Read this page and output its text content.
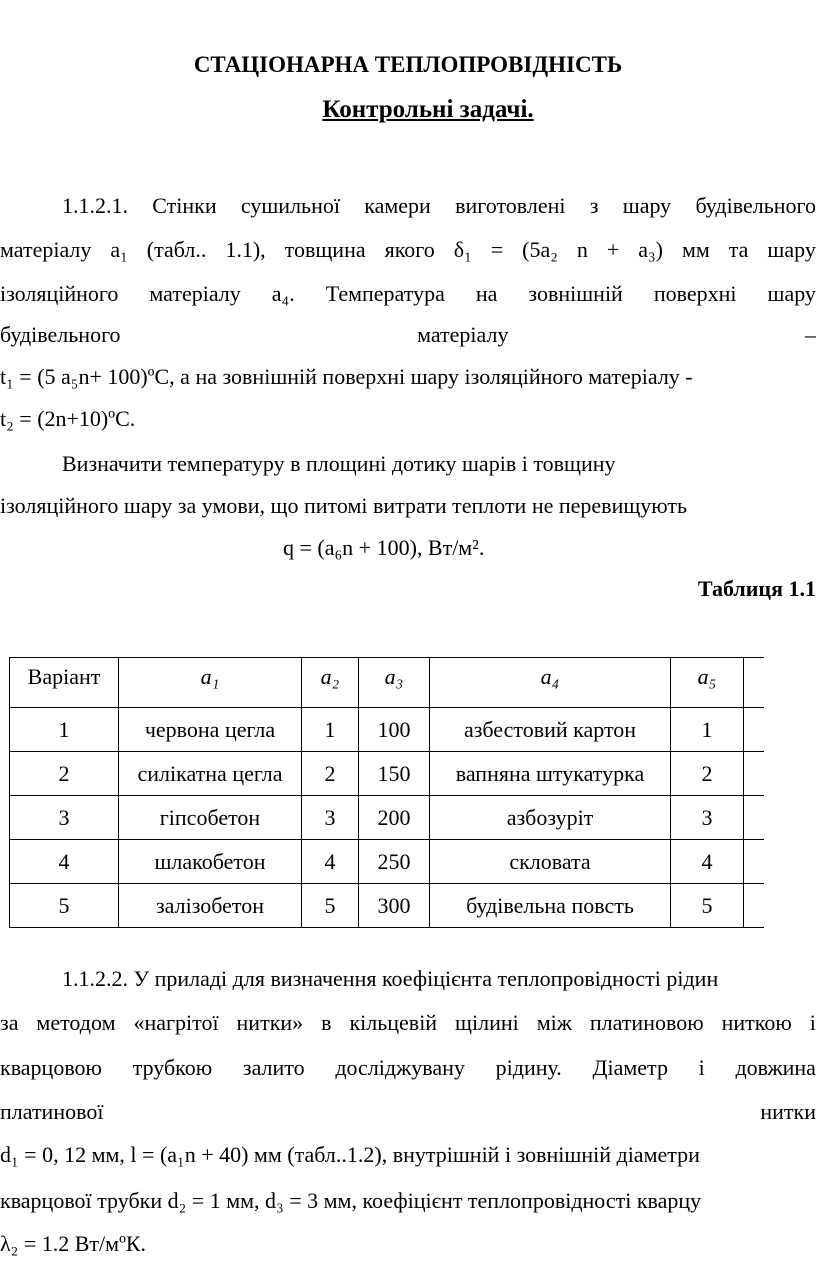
СТАЦІОНАРНА ТЕПЛОПРОВІДНІСТЬ
Контрольні задачі.
1.1.2.1. Стінки сушильної камери виготовлені з шару будівельного
матеріалу a₁ (табл.. 1.1), товщина якого δ₁ = (5a₂ n + a₃) мм та шару
ізоляційного матеріалу a₄. Температура на зовнішній поверхні шару
будівельного	матеріалу	–
t₁ = (5 a₅n+ 100)ºС, а на зовнішній поверхні шару ізоляційного матеріалу -
t₂ = (2n+10)ºС.
Визначити температуру в площині дотику шарів і товщину
ізоляційного шару за умови, що питомі витрати теплоти не перевищують
q = (a₆n + 100), Вт/м².
Таблиця 1.1
Варіант	a₁	a₂	a₃	a₄	a₅	
1	червона цегла	1	100	азбестовий картон	1	
2	силікатна цегла	2	150	вапняна штукатурка	2	
3	гіпсобетон	3	200	азбозуріт	3	
4	шлакобетон	4	250	скловата	4	
5	залізобетон	5	300	будівельна повсть	5	
1.1.2.2. У приладі для визначення коефіцієнта теплопровідності рідин
за методом «нагрітої нитки» в кільцевій щілині між платиновою ниткою і
кварцовою трубкою залито досліджувану рідину. Діаметр і довжина
платинової	нитки
d₁ = 0, 12 мм, l = (a₁n + 40) мм (табл..1.2), внутрішній і зовнішній діаметри
кварцової трубки d₂ = 1 мм, d₃ = 3 мм, коефіцієнт теплопровідності кварцу
λ₂ = 1.2 Вт/мºК.
